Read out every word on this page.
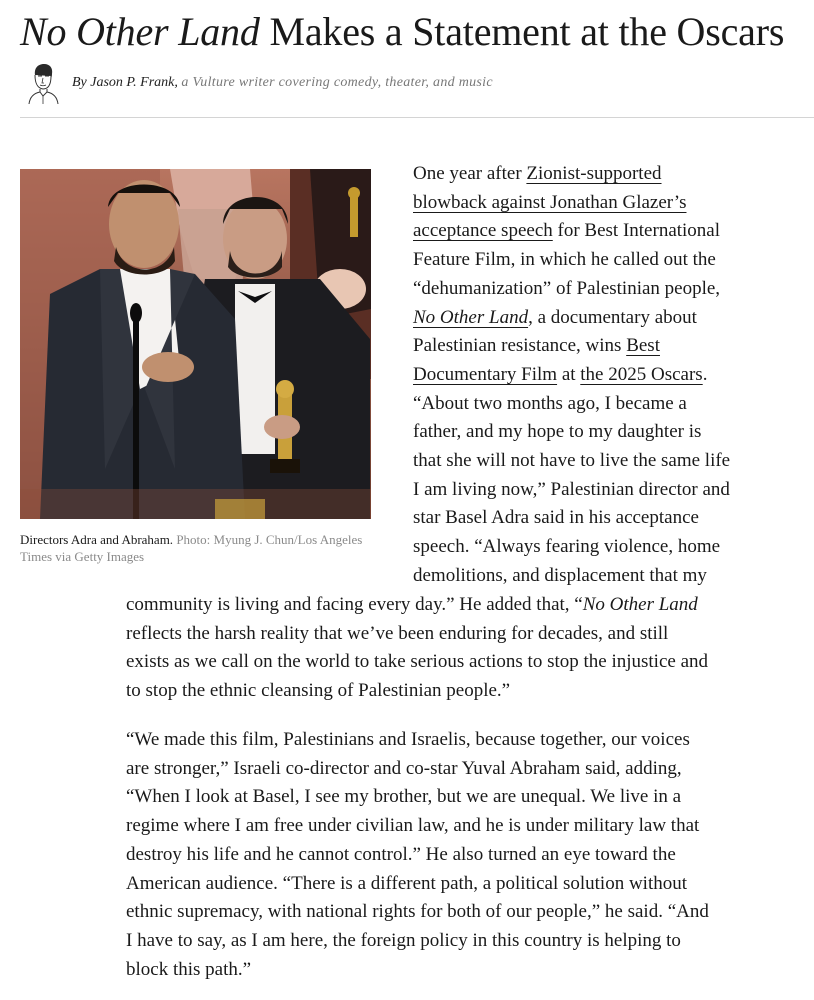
No Other Land Makes a Statement at the Oscars
By Jason P. Frank, a Vulture writer covering comedy, theater, and music
Directors Adra and Abraham. Photo: Myung J. Chun/Los Angeles Times via Getty Images

One year after Zionist-supported
blowback against Jonathan Glazer’s
acceptance speech for Best International
Feature Film, in which he called out the
“dehumanization” of Palestinian people,
No Other Land, a documentary about
Palestinian resistance, wins Best
Documentary Film at the 2025 Oscars.
“About two months ago, I became a
father, and my hope to my daughter is
that she will not have to live the same life
I am living now,” Palestinian director and
star Basel Adra said in his acceptance
speech. “Always fearing violence, home
demolitions, and displacement that my

community is living and facing every day.” He added that, “No Other Land
reflects the harsh reality that we’ve been enduring for decades, and still
exists as we call on the world to take serious actions to stop the injustice and
to stop the ethnic cleansing of Palestinian people.”

“We made this film, Palestinians and Israelis, because together, our voices
are stronger,” Israeli co-director and co-star Yuval Abraham said, adding,
“When I look at Basel, I see my brother, but we are unequal. We live in a
regime where I am free under civilian law, and he is under military law that
destroy his life and he cannot control.” He also turned an eye toward the
American audience. “There is a different path, a political solution without
ethnic supremacy, with national rights for both of our people,” he said. “And
I have to say, as I am here, the foreign policy in this country is helping to
block this path.”
